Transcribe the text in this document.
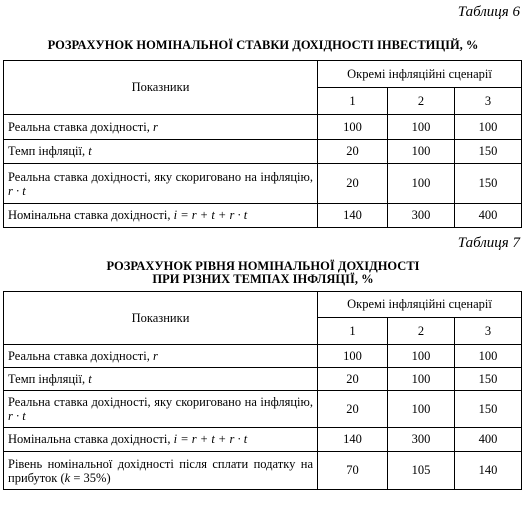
Таблиця 6
РОЗРАХУНОК НОМІНАЛЬНОЇ СТАВКИ ДОХІДНОСТІ ІНВЕСТИЦІЙ, %
Показники	Окремі інфляційні сценарії		
	1	2	3
Реальна ставка дохідності, r	100	100	100
Темп інфляції, t	20	100	150
Реальна ставка дохідності, яку скориговано на інфляцію, r · t	20	100	150
Номінальна ставка дохідності, i = r + t + r · t	140	300	400
Таблиця 7
РОЗРАХУНОК РІВНЯ НОМІНАЛЬНОЇ ДОХІДНОСТІ
ПРИ РІЗНИХ ТЕМПАХ ІНФЛЯЦІЇ, %
Показники	Окремі інфляційні сценарії		
	1	2	3
Реальна ставка дохідності, r	100	100	100
Темп інфляції, t	20	100	150
Реальна ставка дохідності, яку скориговано на інфляцію, r · t	20	100	150
Номінальна ставка дохідності, i = r + t + r · t	140	300	400
Рівень номінальної дохідності після сплати податку на прибуток (k = 35%)	70	105	140
